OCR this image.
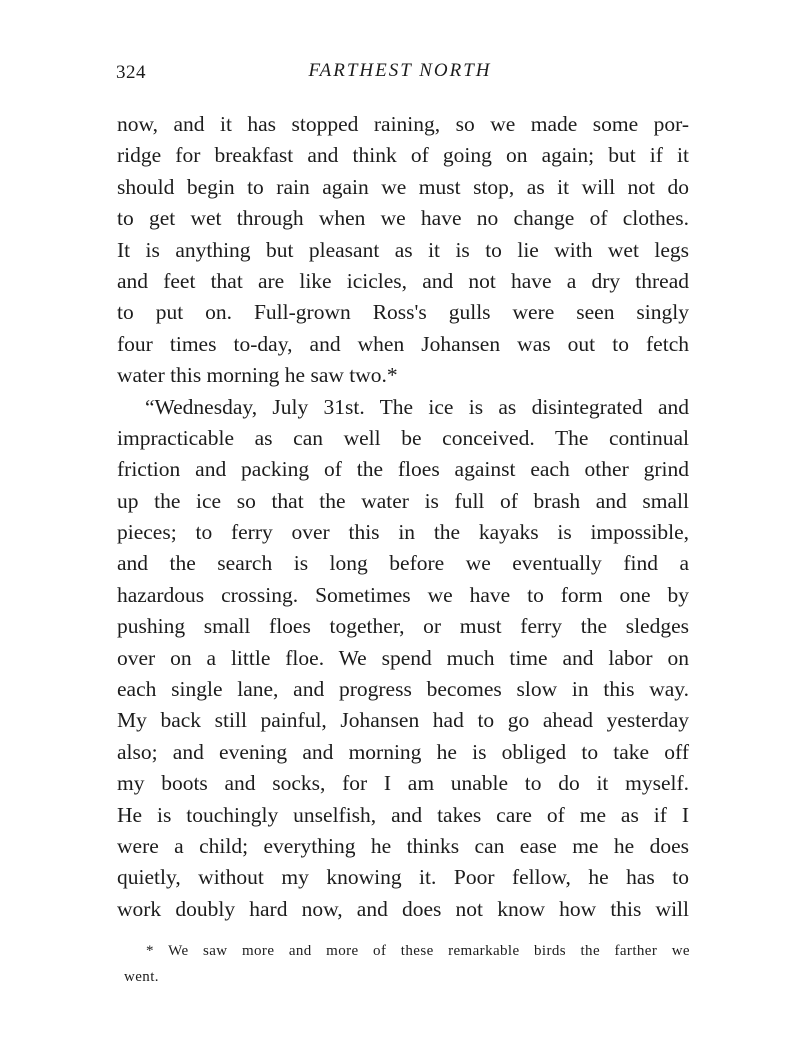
324	FARTHEST NORTH
now, and it has stopped raining, so we made some por-
ridge for breakfast and think of going on again; but if it
should begin to rain again we must stop, as it will not do
to get wet through when we have no change of clothes.
It is anything but pleasant as it is to lie with wet legs
and feet that are like icicles, and not have a dry thread
to put on. Full-grown Ross's gulls were seen singly
four times to-day, and when Johansen was out to fetch
water this morning he saw two.*
“Wednesday, July 31st. The ice is as disintegrated and
impracticable as can well be conceived. The continual
friction and packing of the floes against each other grind
up the ice so that the water is full of brash and small
pieces; to ferry over this in the kayaks is impossible,
and the search is long before we eventually find a
hazardous crossing. Sometimes we have to form one by
pushing small floes together, or must ferry the sledges
over on a little floe. We spend much time and labor on
each single lane, and progress becomes slow in this way.
My back still painful, Johansen had to go ahead yesterday
also; and evening and morning he is obliged to take off
my boots and socks, for I am unable to do it myself.
He is touchingly unselfish, and takes care of me as if I
were a child; everything he thinks can ease me he does
quietly, without my knowing it. Poor fellow, he has to
work doubly hard now, and does not know how this will
* We saw more and more of these remarkable birds the farther we
went.
